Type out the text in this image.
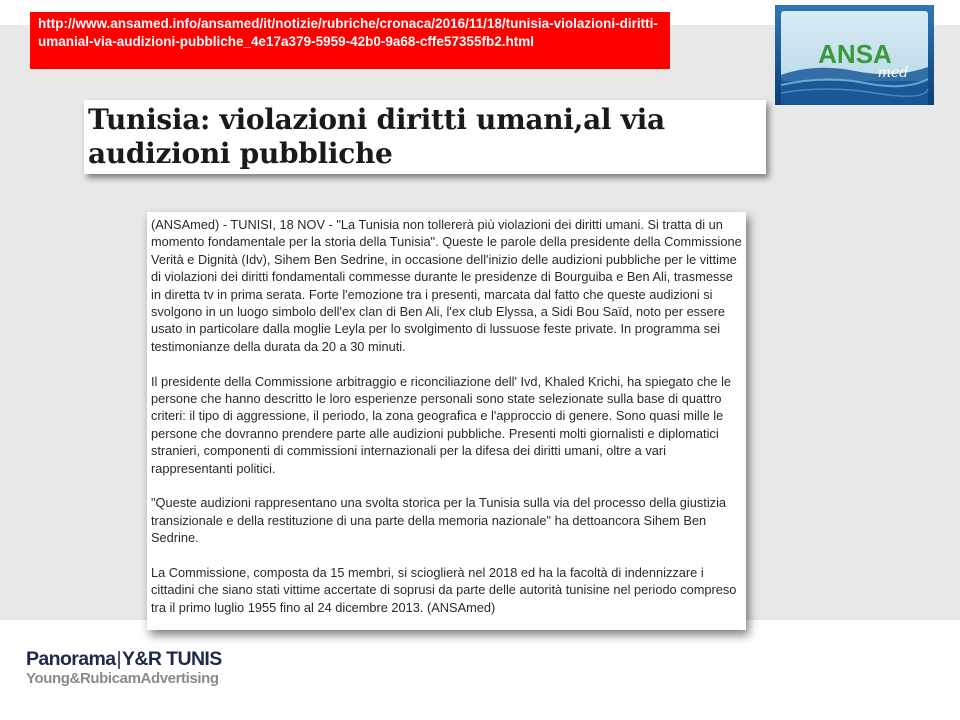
http://www.ansamed.info/ansamed/it/notizie/rubriche/cronaca/2016/11/18/tunisia-violazioni-diritti-umanial-via-audizioni-pubbliche_4e17a379-5959-42b0-9a68-cffe57355fb2.html	ANSA
med
Tunisia: violazioni diritti umani,al via audizioni pubbliche

(ANSAmed) - TUNISI, 18 NOV - "La Tunisia non tollererà più violazioni dei diritti umani. Si tratta di un momento fondamentale per la storia della Tunisia". Queste le parole della presidente della Commissione Verità e Dignità (Idv), Sihem Ben Sedrine, in occasione dell'inizio delle audizioni pubbliche per le vittime di violazioni dei diritti fondamentali commesse durante le presidenze di Bourguiba e Ben Ali, trasmesse in diretta tv in prima serata. Forte l'emozione tra i presenti, marcata dal fatto che queste audizioni si svolgono in un luogo simbolo dell'ex clan di Ben Ali, l'ex club Elyssa, a Sidi Bou Saïd, noto per essere usato in particolare dalla moglie Leyla per lo svolgimento di lussuose feste private. In programma sei testimonianze della durata da 20 a 30 minuti.

Il presidente della Commissione arbitraggio e riconciliazione dell' Ivd, Khaled Krichi, ha spiegato che le persone che hanno descritto le loro esperienze personali sono state selezionate sulla base di quattro criteri: il tipo di aggressione, il periodo, la zona geografica e l'approccio di genere. Sono quasi mille le persone che dovranno prendere parte alle audizioni pubbliche. Presenti molti giornalisti e diplomatici stranieri, componenti di commissioni internazionali per la difesa dei diritti umani, oltre a vari rappresentanti politici.

"Queste audizioni rappresentano una svolta storica per la Tunisia sulla via del processo della giustizia transizionale e della restituzione di una parte della memoria nazionale" ha dettoancora Sihem Ben Sedrine.

La Commissione, composta da 15 membri, si scioglierà nel 2018 ed ha la facoltà di indennizzare i cittadini che siano stati vittime accertate di soprusi da parte delle autorità tunisine nel periodo compreso tra il primo luglio 1955 fino al 24 dicembre 2013. (ANSAmed)

Panorama|Y&R TUNIS
Young&RubicamAdvertising
